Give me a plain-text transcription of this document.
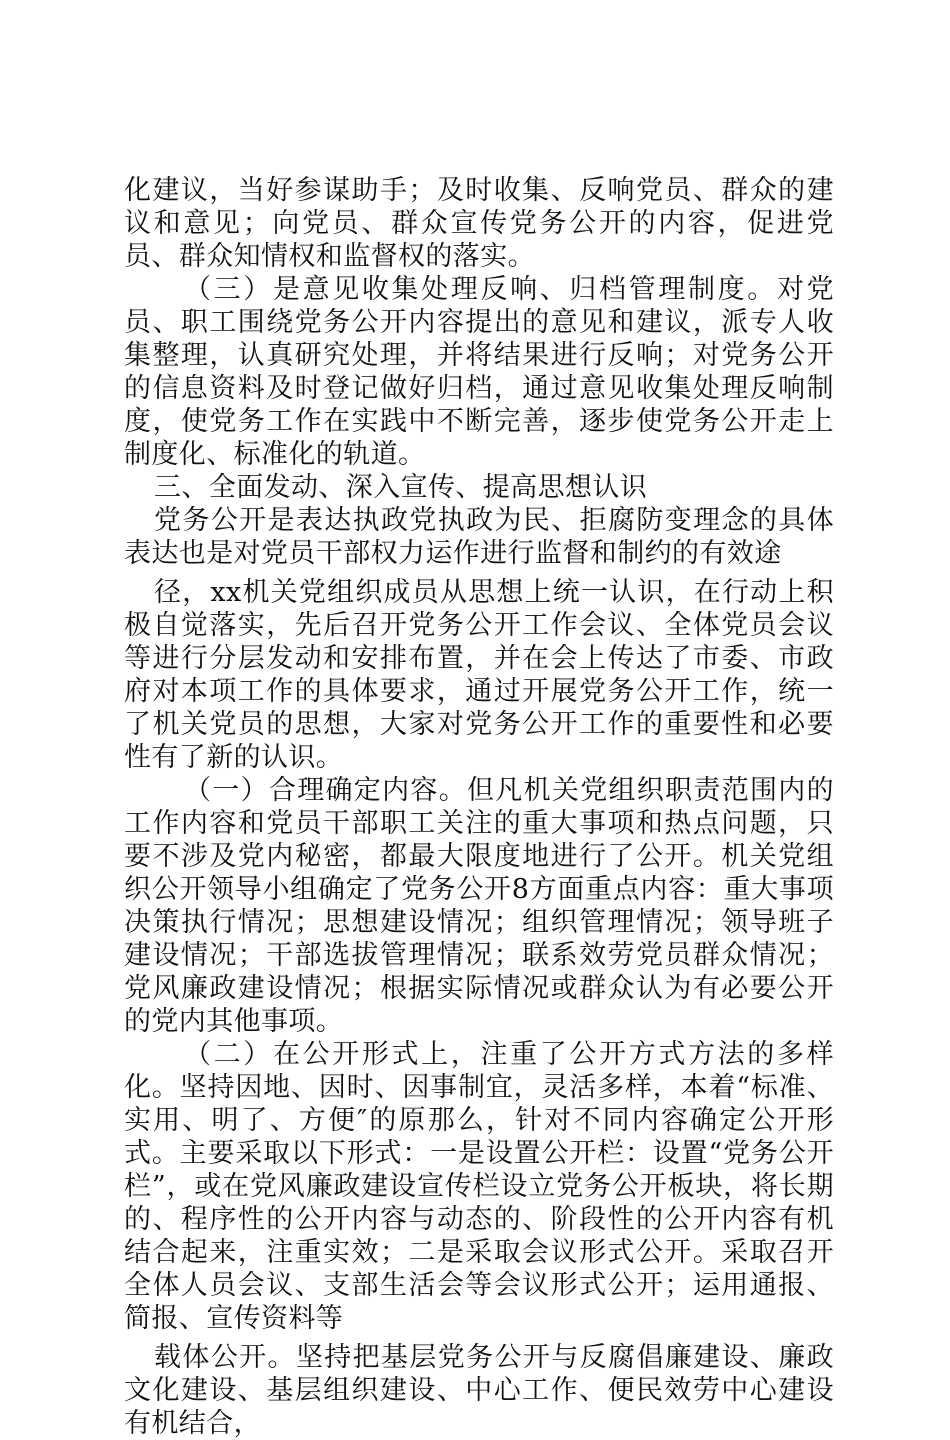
化建议，当好参谋助手；及时收集、反响党员、群众的建议和意见；向党员、群众宣传党务公开的内容，促进党员、群众知情权和监督权的落实。

（三）是意见收集处理反响、归档管理制度。对党员、职工围绕党务公开内容提出的意见和建议，派专人收集整理，认真研究处理，并将结果进行反响；对党务公开的信息资料及时登记做好归档，通过意见收集处理反响制度，使党务工作在实践中不断完善，逐步使党务公开走上制度化、标准化的轨道。

三、全面发动、深入宣传、提高思想认识

党务公开是表达执政党执政为民、拒腐防变理念的具体表达也是对党员干部权力运作进行监督和制约的有效途

径，xx机关党组织成员从思想上统一认识，在行动上积极自觉落实，先后召开党务公开工作会议、全体党员会议等进行分层发动和安排布置，并在会上传达了市委、市政府对本项工作的具体要求，通过开展党务公开工作，统一了机关党员的思想，大家对党务公开工作的重要性和必要性有了新的认识。

（一）合理确定内容。但凡机关党组织职责范围内的工作内容和党员干部职工关注的重大事项和热点问题，只要不涉及党内秘密，都最大限度地进行了公开。机关党组织公开领导小组确定了党务公开8方面重点内容：重大事项决策执行情况；思想建设情况；组织管理情况；领导班子建设情况；干部选拔管理情况；联系效劳党员群众情况；党风廉政建设情况；根据实际情况或群众认为有必要公开的党内其他事项。

（二）在公开形式上，注重了公开方式方法的多样化。坚持因地、因时、因事制宜，灵活多样，本着“标准、实用、明了、方便″的原那么，针对不同内容确定公开形式。主要采取以下形式：一是设置公开栏：设置“党务公开栏”，或在党风廉政建设宣传栏设立党务公开板块，将长期的、程序性的公开内容与动态的、阶段性的公开内容有机结合起来，注重实效；二是采取会议形式公开。采取召开全体人员会议、支部生活会等会议形式公开；运用通报、简报、宣传资料等

载体公开。坚持把基层党务公开与反腐倡廉建设、廉政文化建设、基层组织建设、中心工作、便民效劳中心建设有机结合，
